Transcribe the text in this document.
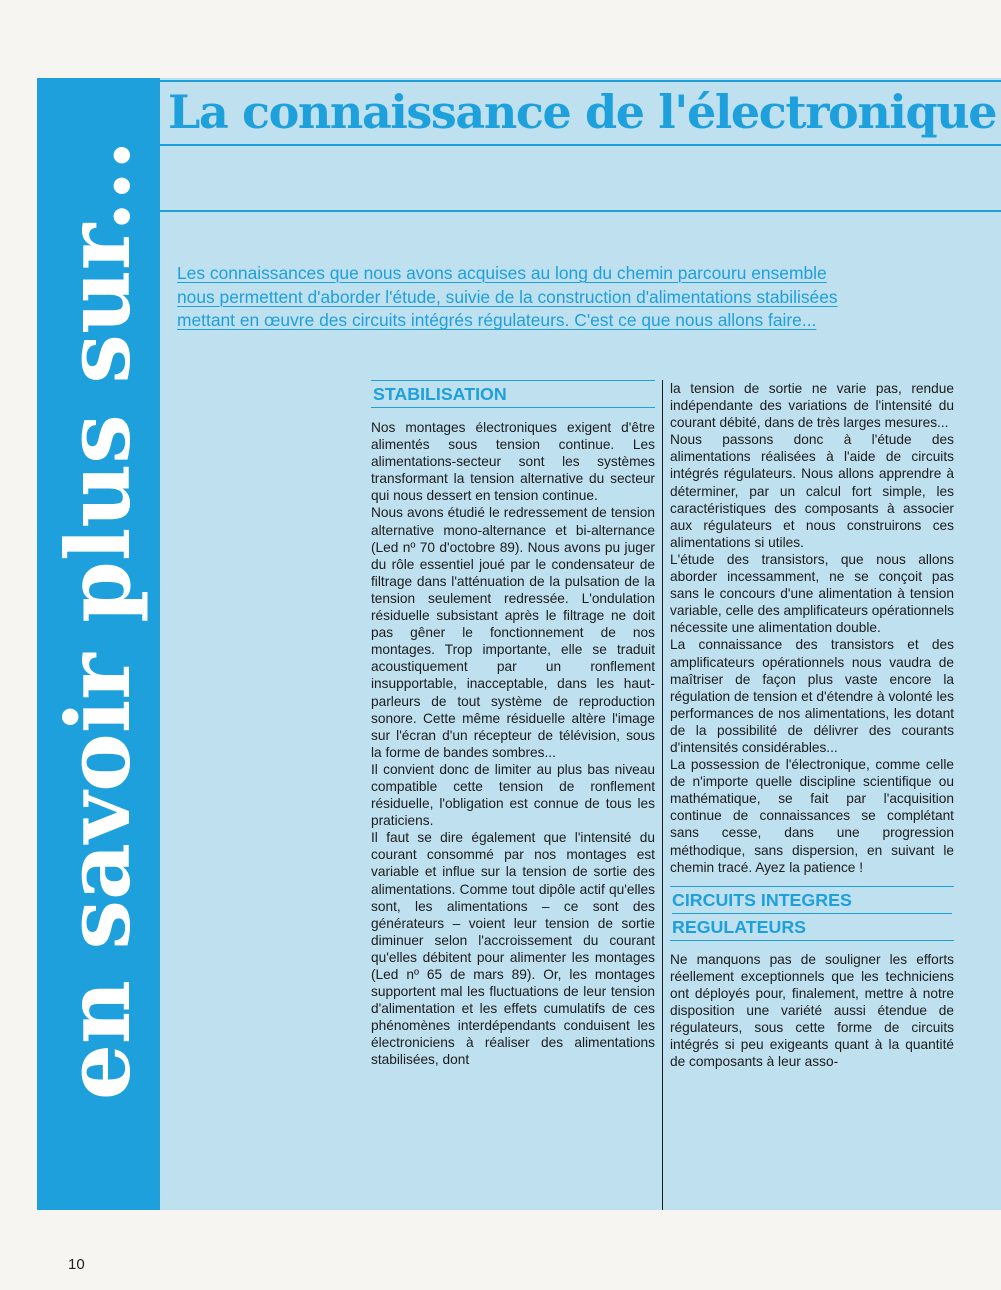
en savoir plus sur...
La connaissance de l'électronique

Les connaissances que nous avons acquises au long du chemin parcouru ensemble

nous permettent d'aborder l'étude, suivie de la construction d'alimentations stabilisées

mettant en œuvre des circuits intégrés régulateurs. C'est ce que nous allons faire...

STABILISATION

Nos montages électroniques exigent d'être alimentés sous tension continue. Les alimentations-secteur sont les systèmes transformant la tension alternative du secteur qui nous dessert en tension continue.

Nous avons étudié le redressement de tension alternative mono-alternance et bi-alternance (Led nº 70 d'octobre 89). Nous avons pu juger du rôle essentiel joué par le condensateur de filtrage dans l'atténuation de la pulsation de la tension seulement redressée. L'ondulation résiduelle subsistant après le filtrage ne doit pas gêner le fonctionnement de nos montages. Trop importante, elle se traduit acoustiquement par un ronflement insupportable, inacceptable, dans les haut-parleurs de tout système de reproduction sonore. Cette même résiduelle altère l'image sur l'écran d'un récepteur de télévision, sous la forme de bandes sombres...

Il convient donc de limiter au plus bas niveau compatible cette tension de ronflement résiduelle, l'obligation est connue de tous les praticiens.

Il faut se dire également que l'intensité du courant consommé par nos montages est variable et influe sur la tension de sortie des alimentations. Comme tout dipôle actif qu'elles sont, les alimentations – ce sont des générateurs – voient leur tension de sortie diminuer selon l'accroissement du courant qu'elles débitent pour alimenter les montages (Led nº 65 de mars 89). Or, les montages supportent mal les fluctuations de leur tension d'alimentation et les effets cumulatifs de ces phénomènes interdépendants conduisent les électroniciens à réaliser des alimentations stabilisées, dont

la tension de sortie ne varie pas, rendue indépendante des variations de l'intensité du courant débité, dans de très larges mesures...

Nous passons donc à l'étude des alimentations réalisées à l'aide de circuits intégrés régulateurs. Nous allons apprendre à déterminer, par un calcul fort simple, les caractéristiques des composants à associer aux régulateurs et nous construirons ces alimentations si utiles.

L'étude des transistors, que nous allons aborder incessamment, ne se conçoit pas sans le concours d'une alimentation à tension variable, celle des amplificateurs opérationnels nécessite une alimentation double.

La connaissance des transistors et des amplificateurs opérationnels nous vaudra de maîtriser de façon plus vaste encore la régulation de tension et d'étendre à volonté les performances de nos alimentations, les dotant de la possibilité de délivrer des courants d'intensités considérables...

La possession de l'électronique, comme celle de n'importe quelle discipline scientifique ou mathématique, se fait par l'acquisition continue de connaissances se complétant sans cesse, dans une progression méthodique, sans dispersion, en suivant le chemin tracé. Ayez la patience !

CIRCUITS INTEGRES
REGULATEURS

Ne manquons pas de souligner les efforts réellement exceptionnels que les techniciens ont déployés pour, finalement, mettre à notre disposition une variété aussi étendue de régulateurs, sous cette forme de circuits intégrés si peu exigeants quant à la quantité de composants à leur asso-

10
